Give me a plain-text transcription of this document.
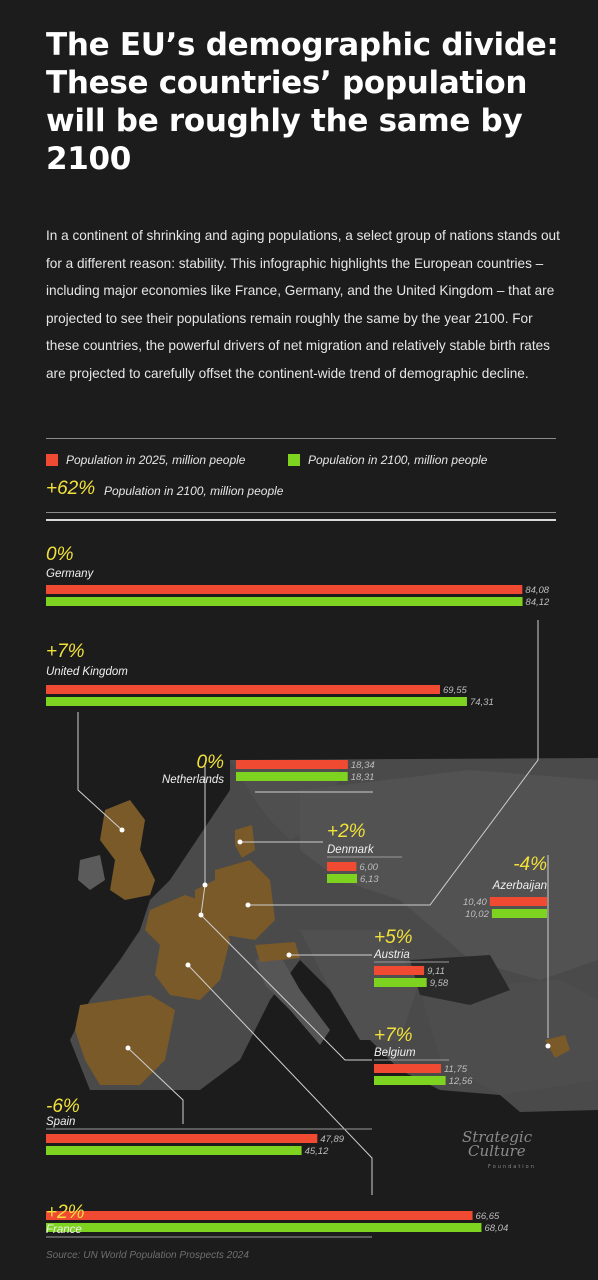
The EU’s demographic divide: These countries’ population will be roughly the same by 2100
In a continent of shrinking and aging populations, a select group of nations stands out for a different reason: stability. This infographic highlights the European countries – including major economies like France, Germany, and the United Kingdom – that are projected to see their populations remain roughly the same by the year 2100. For these countries, the powerful drivers of net migration and relatively stable birth rates are projected to carefully offset the continent-wide trend of demographic decline.
Population in 2025, million people	Population in 2100, million people
+62% Population in 2100, million people
84,08
84,12
0%
Germany
69,55
74,31
+7%
United Kingdom
18,34
18,31
0%
Netherlands
6,00
6,13
+2%
Denmark
10,40
10,02
-4%
Azerbaijan
9,11
9,58
+5%
Austria
11,75
12,56
+7%
Belgium
47,89
45,12
-6%
Spain
66,65
68,04
+2%
France
Strategic
Culture
Foundation
Source: UN World Population Prospects 2024
